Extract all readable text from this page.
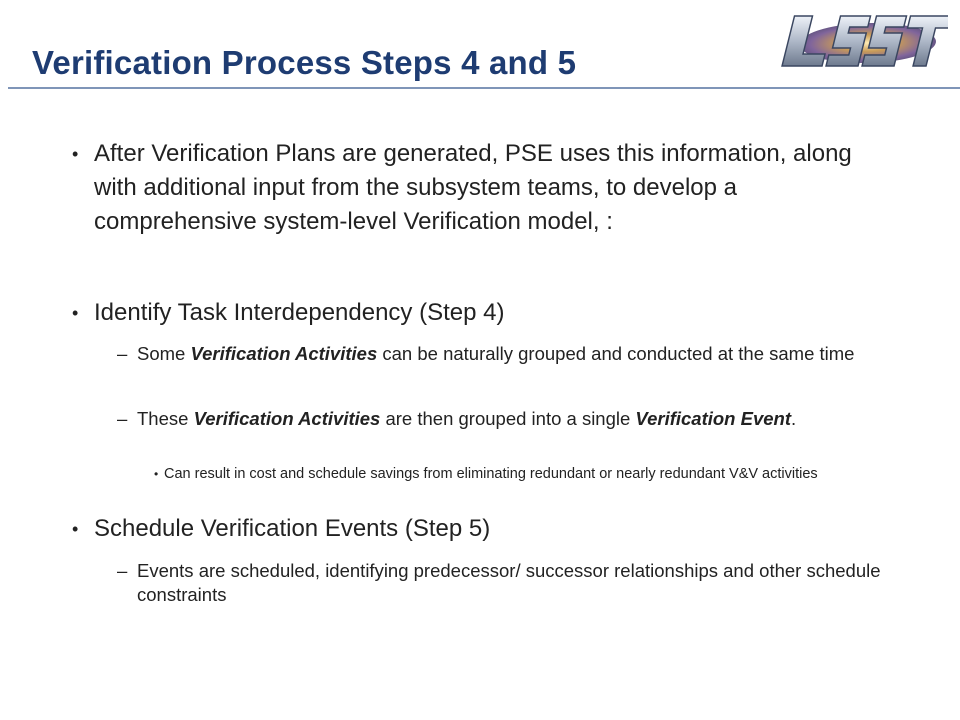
Verification Process Steps 4 and 5
• After Verification Plans are generated, PSE uses this information, along with additional input from the subsystem teams, to develop a comprehensive system-level Verification model, :
• Identify Task Interdependency (Step 4)
– Some Verification Activities can be naturally grouped and conducted at the same time
– These Verification Activities are then grouped into a single Verification Event.
• Can result in cost and schedule savings from eliminating redundant or nearly redundant V&V activities
• Schedule Verification Events (Step 5)
– Events are scheduled, identifying predecessor/ successor relationships and other schedule constraints
